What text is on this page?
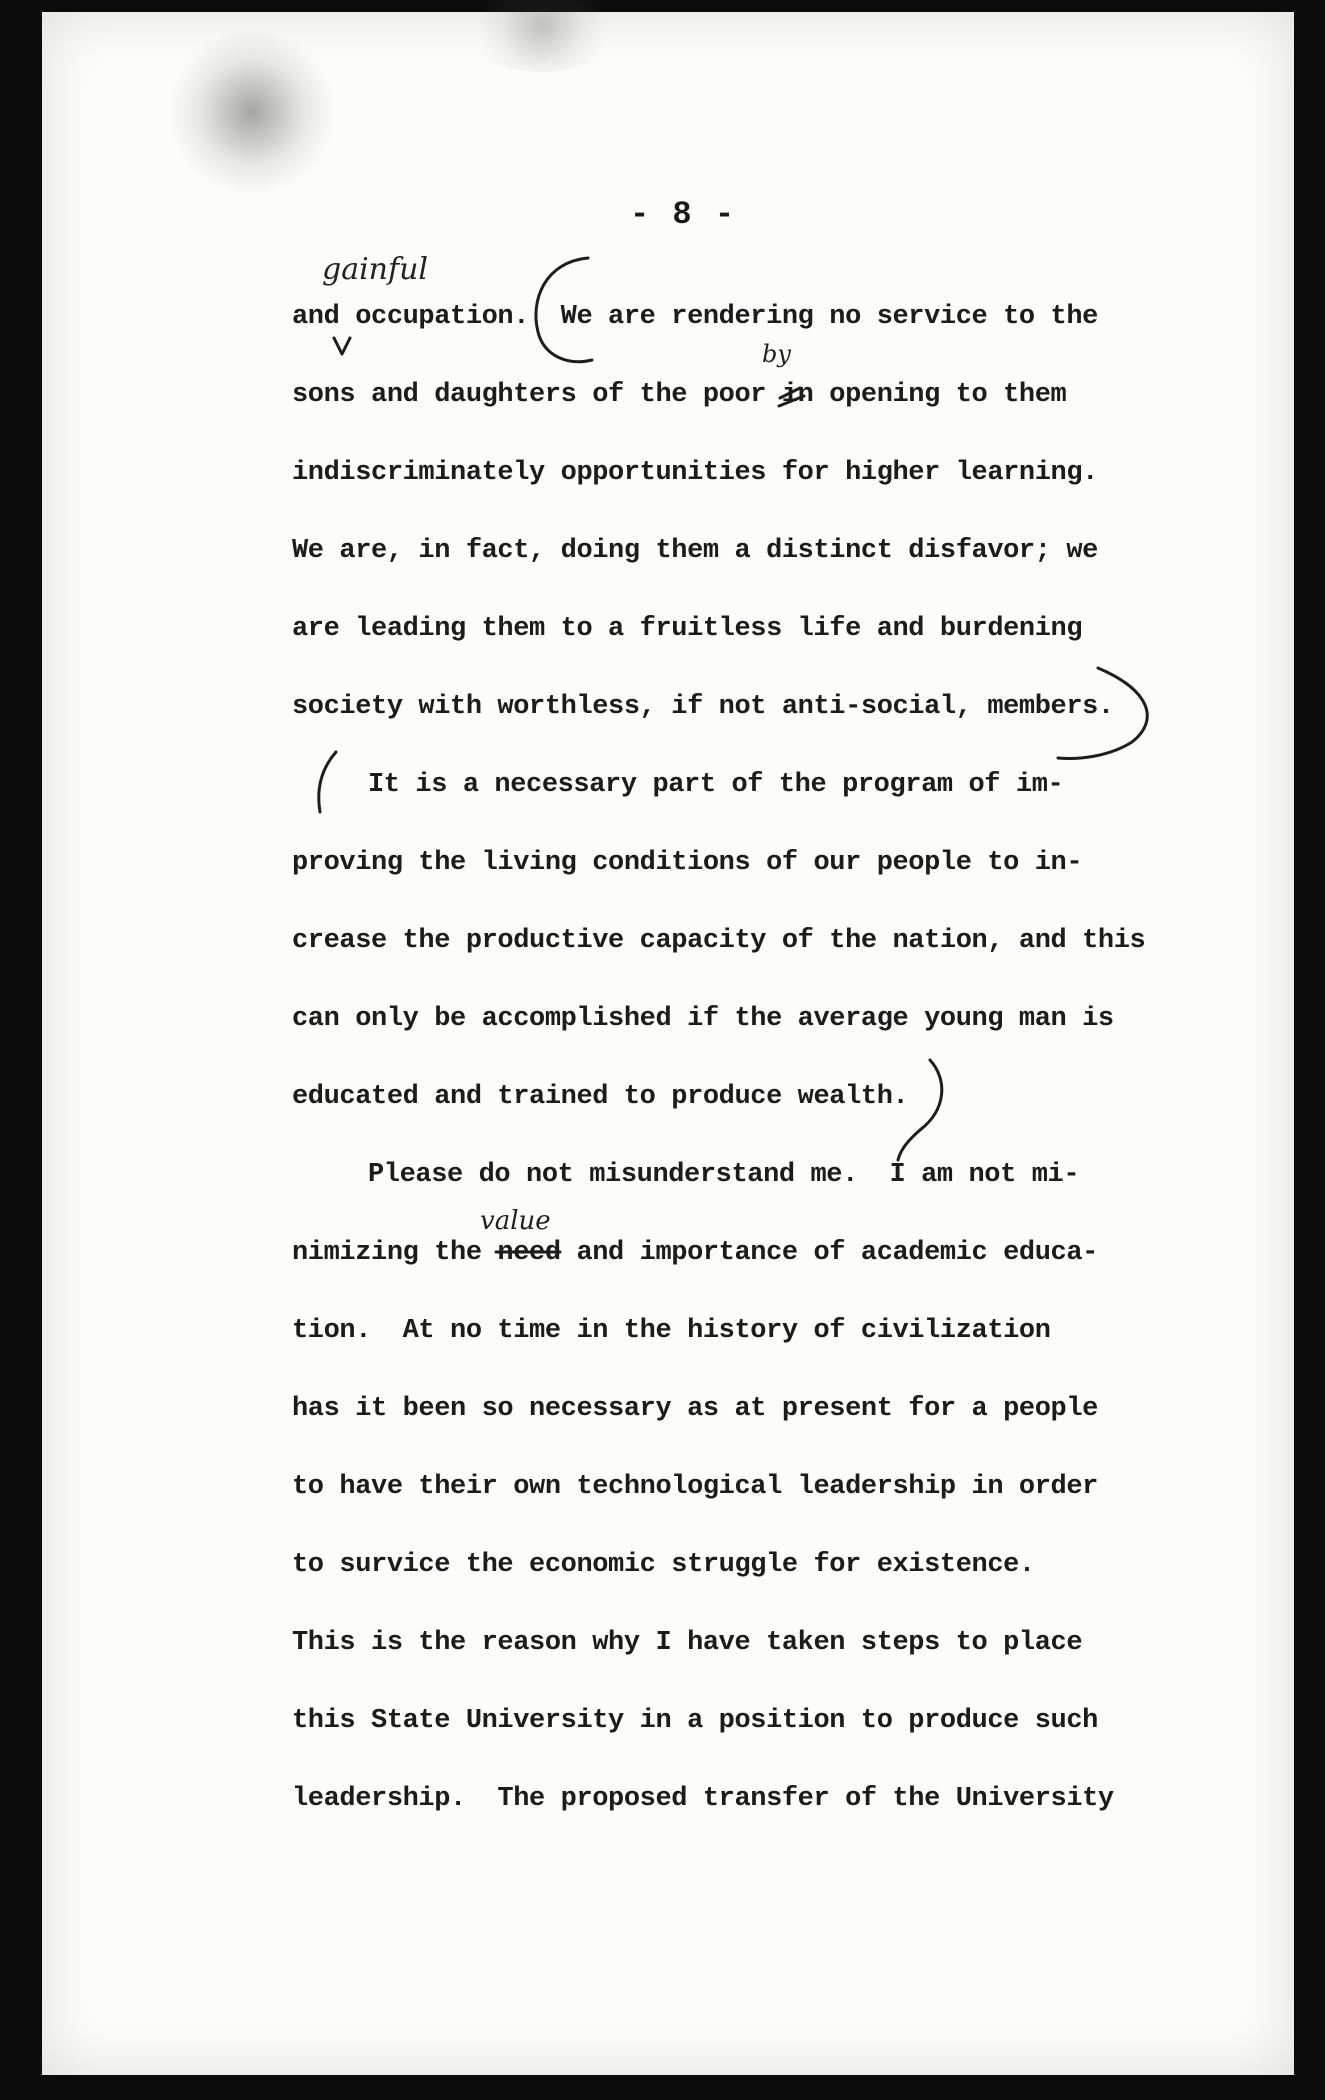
- 8 -
and occupation.  We are rendering no service to the
sons and daughters of the poor in opening to them
indiscriminately opportunities for higher learning.
We are, in fact, doing them a distinct disfavor; we
are leading them to a fruitless life and burdening
society with worthless, if not anti-social, members.
It is a necessary part of the program of im-
proving the living conditions of our people to in-
crease the productive capacity of the nation, and this
can only be accomplished if the average young man is
educated and trained to produce wealth.
Please do not misunderstand me.  I am not mi-
nimizing the need and importance of academic educa-
tion.  At no time in the history of civilization
has it been so necessary as at present for a people
to have their own technological leadership in order
to survice the economic struggle for existence.
This is the reason why I have taken steps to place
this State University in a position to produce such
leadership.  The proposed transfer of the University
gainful
by
value
